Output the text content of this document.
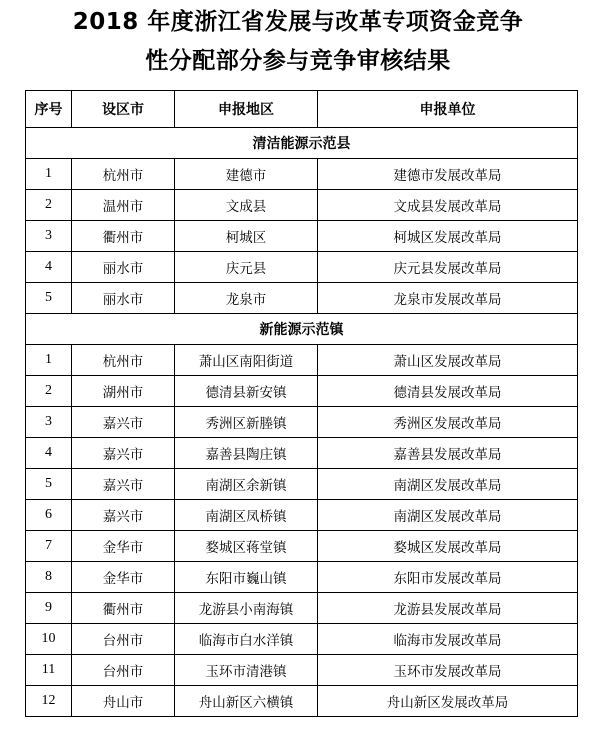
2018 年度浙江省发展与改革专项资金竞争
性分配部分参与竞争审核结果
序号	设区市	申报地区	申报单位
清洁能源示范县			
1	杭州市	建德市	建德市发展改革局
2	温州市	文成县	文成县发展改革局
3	衢州市	柯城区	柯城区发展改革局
4	丽水市	庆元县	庆元县发展改革局
5	丽水市	龙泉市	龙泉市发展改革局
新能源示范镇			
1	杭州市	萧山区南阳街道	萧山区发展改革局
2	湖州市	德清县新安镇	德清县发展改革局
3	嘉兴市	秀洲区新塍镇	秀洲区发展改革局
4	嘉兴市	嘉善县陶庄镇	嘉善县发展改革局
5	嘉兴市	南湖区余新镇	南湖区发展改革局
6	嘉兴市	南湖区凤桥镇	南湖区发展改革局
7	金华市	婺城区蒋堂镇	婺城区发展改革局
8	金华市	东阳市巍山镇	东阳市发展改革局
9	衢州市	龙游县小南海镇	龙游县发展改革局
10	台州市	临海市白水洋镇	临海市发展改革局
11	台州市	玉环市清港镇	玉环市发展改革局
12	舟山市	舟山新区六横镇	舟山新区发展改革局
